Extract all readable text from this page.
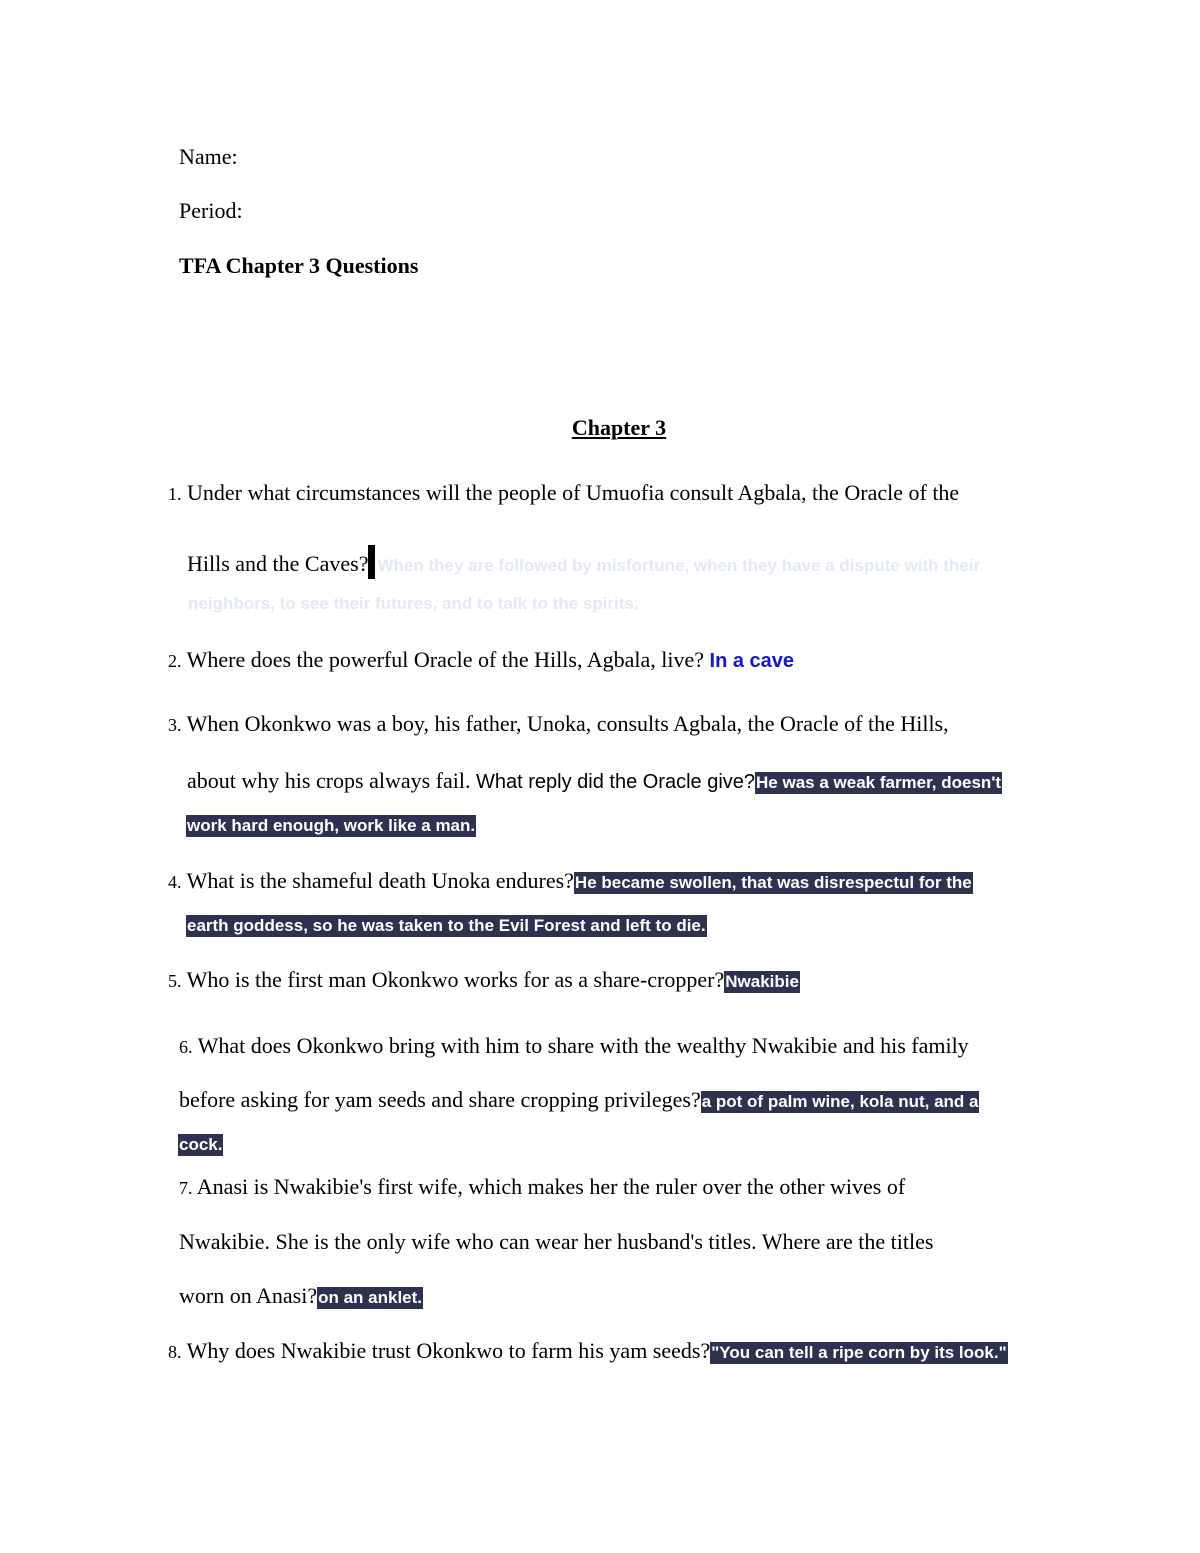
Name:
Period:
TFA Chapter 3 Questions
Chapter 3
1. Under what circumstances will the people of Umuofia consult Agbala, the Oracle of the
Hills and the Caves? When they are followed by misfortune, when they have a dispute with their
neighbors, to see their futures, and to talk to the spirits.
2. Where does the powerful Oracle of the Hills, Agbala, live? In a cave
3. When Okonkwo was a boy, his father, Unoka, consults Agbala, the Oracle of the Hills,
about why his crops always fail. What reply did the Oracle give?He was a weak farmer, doesn't
work hard enough, work like a man.
4. What is the shameful death Unoka endures?He became swollen, that was disrespectul for the
earth goddess, so he was taken to the Evil Forest and left to die.
5. Who is the first man Okonkwo works for as a share-cropper?Nwakibie
6. What does Okonkwo bring with him to share with the wealthy Nwakibie and his family
before asking for yam seeds and share cropping privileges?a pot of palm wine, kola nut, and a
cock.
7. Anasi is Nwakibie's first wife, which makes her the ruler over the other wives of
Nwakibie. She is the only wife who can wear her husband's titles. Where are the titles
worn on Anasi?on an anklet.
8. Why does Nwakibie trust Okonkwo to farm his yam seeds?"You can tell a ripe corn by its look."
